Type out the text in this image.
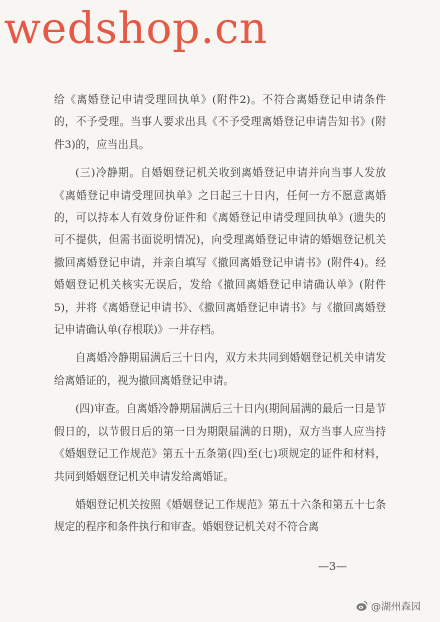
wedshop.cn

给《离婚登记申请受理回执单》(附件2)。不符合离婚登记申请条件的，不予受理。当事人要求出具《不予受理离婚登记申请告知书》(附件3)的，应当出具。

(三)冷静期。自婚姻登记机关收到离婚登记申请并向当事人发放《离婚登记申请受理回执单》之日起三十日内，任何一方不愿意离婚的，可以持本人有效身份证件和《离婚登记申请受理回执单》(遗失的可不提供，但需书面说明情况)，向受理离婚登记申请的婚姻登记机关撤回离婚登记申请，并亲自填写《撤回离婚登记申请书》(附件4)。经婚姻登记机关核实无误后，发给《撤回离婚登记申请确认单》(附件5)，并将《离婚登记申请书》、《撤回离婚登记申请书》与《撤回离婚登记申请确认单(存根联)》一并存档。

自离婚冷静期届满后三十日内，双方未共同到婚姻登记机关申请发给离婚证的，视为撤回离婚登记申请。

(四)审查。自离婚冷静期届满后三十日内(期间届满的最后一日是节假日的，以节假日后的第一日为期限届满的日期)，双方当事人应当持《婚姻登记工作规范》第五十五条第(四)至(七)项规定的证件和材料，共同到婚姻登记机关申请发给离婚证。

婚姻登记机关按照《婚姻登记工作规范》第五十六条和第五十七条规定的程序和条件执行和审查。婚姻登记机关对不符合离

—3—
@湖州森园
